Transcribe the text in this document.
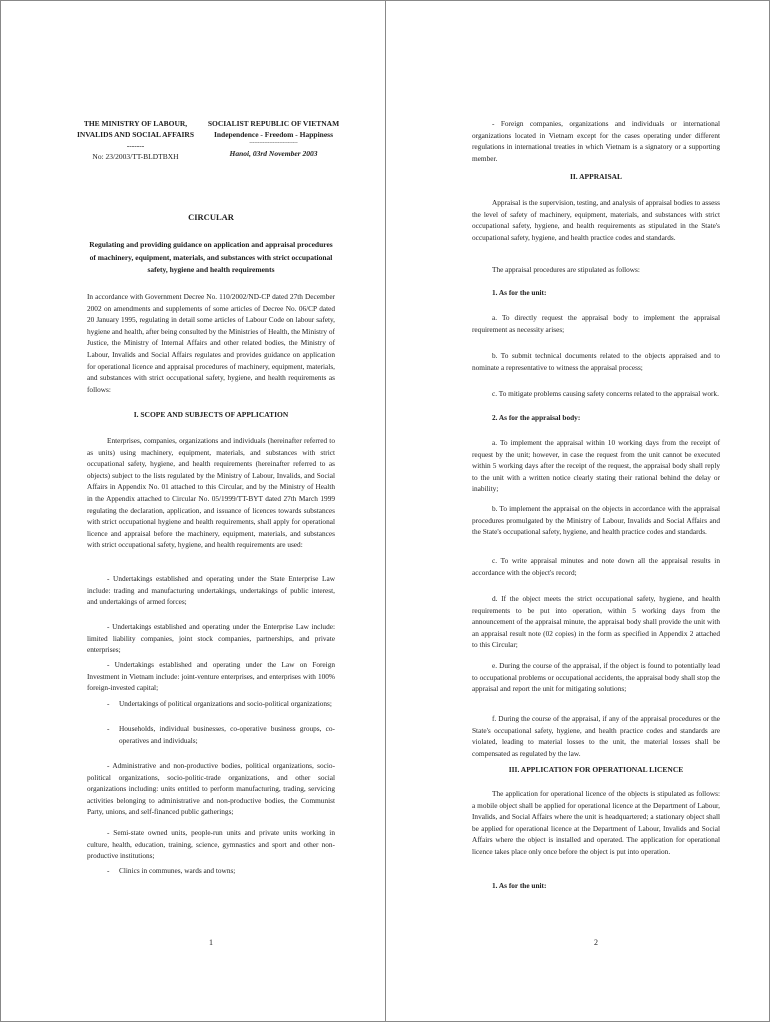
THE MINISTRY OF LABOUR, INVALIDS AND SOCIAL AFFAIRS
-------
No: 23/2003/TT-BLDTBXH
SOCIALIST REPUBLIC OF VIETNAM
Independence - Freedom - Happiness
-----------------------------
Hanoi, 03rd November 2003
CIRCULAR
Regulating and providing guidance on application and appraisal procedures of machinery, equipment, materials, and substances with strict occupational safety, hygiene and health requirements

In accordance with Government Decree No. 110/2002/ND-CP dated 27th December 2002 on amendments and supplements of some articles of Decree No. 06/CP dated 20 January 1995, regulating in detail some articles of Labour Code on labour safety, hygiene and health, after being consulted by the Ministries of Health, the Ministry of Justice, the Ministry of Internal Affairs and other related bodies, the Ministry of Labour, Invalids and Social Affairs regulates and provides guidance on application for operational licence and appraisal procedures of machinery, equipment, materials, and substances with strict occupational safety, hygiene, and health requirements as follows:

I. SCOPE AND SUBJECTS OF APPLICATION

Enterprises, companies, organizations and individuals (hereinafter referred to as units) using machinery, equipment, materials, and substances with strict occupational safety, hygiene, and health requirements (hereinafter referred to as objects) subject to the lists regulated by the Ministry of Labour, Invalids, and Social Affairs in Appendix No. 01 attached to this Circular, and by the Ministry of Health in the Appendix attached to Circular No. 05/1999/TT-BYT dated 27th March 1999 regulating the declaration, application, and issuance of licences towards substances with strict occupational hygiene and health requirements, shall apply for operational licence and appraisal before the machinery, equipment, materials, and substances with strict occupational safety, hygiene, and health requirements are used:

- Undertakings established and operating under the State Enterprise Law include: trading and manufacturing undertakings, undertakings of public interest, and undertakings of armed forces;

- Undertakings established and operating under the Enterprise Law include: limited liability companies, joint stock companies, partnerships, and private enterprises;

- Undertakings established and operating under the Law on Foreign Investment in Vietnam include: joint-venture enterprises, and enterprises with 100% foreign-invested capital;

-	Undertakings of political organizations and socio-political organizations;
-	Households, individual businesses, co-operative business groups, co-operatives and individuals;

- Administrative and non-productive bodies, political organizations, socio-political organizations, socio-politic-trade organizations, and other social organizations including: units entitled to perform manufacturing, trading, servicing activities belonging to administrative and non-productive bodies, the Communist Party, unions, and self-financed public gatherings;

- Semi-state owned units, people-run units and private units working in culture, health, education, training, science, gymnastics and sport and other non-productive institutions;

-	Clinics in communes, wards and towns;
1

- Foreign companies, organizations and individuals or international organizations located in Vietnam except for the cases operating under different regulations in international treaties in which Vietnam is a signatory or a supporting member.

II. APPRAISAL

Appraisal is the supervision, testing, and analysis of appraisal bodies to assess the level of safety of machinery, equipment, materials, and substances with strict occupational safety, hygiene, and health requirements as stipulated in the State's occupational safety, hygiene, and health practice codes and standards.

The appraisal procedures are stipulated as follows:

1. As for the unit:

a. To directly request the appraisal body to implement the appraisal requirement as necessity arises;

b. To submit technical documents related to the objects appraised and to nominate a representative to witness the appraisal process;

c. To mitigate problems causing safety concerns related to the appraisal work.

2. As for the appraisal body:

a. To implement the appraisal within 10 working days from the receipt of request by the unit; however, in case the request from the unit cannot be executed within 5 working days after the receipt of the request, the appraisal body shall reply to the unit with a written notice clearly stating their rational behind the delay or inability;

b. To implement the appraisal on the objects in accordance with the appraisal procedures promulgated by the Ministry of Labour, Invalids and Social Affairs and the State's occupational safety, hygiene, and health practice codes and standards.

c. To write appraisal minutes and note down all the appraisal results in accordance with the object's record;

d. If the object meets the strict occupational safety, hygiene, and health requirements to be put into operation, within 5 working days from the announcement of the appraisal minute, the appraisal body shall provide the unit with an appraisal result note (02 copies) in the form as specified in Appendix 2 attached to this Circular;

e. During the course of the appraisal, if the object is found to potentially lead to occupational problems or occupational accidents, the appraisal body shall stop the appraisal and report the unit for mitigating solutions;

f. During the course of the appraisal, if any of the appraisal procedures or the State's occupational safety, hygiene, and health practice codes and standards are violated, leading to material losses to the unit, the material losses shall be compensated as regulated by the law.

III. APPLICATION FOR OPERATIONAL LICENCE

The application for operational licence of the objects is stipulated as follows: a mobile object shall be applied for operational licence at the Department of Labour, Invalids, and Social Affairs where the unit is headquartered; a stationary object shall be applied for operational licence at the Department of Labour, Invalids and Social Affairs where the object is installed and operated. The application for operational licence takes place only once before the object is put into operation.

1. As for the unit:
2
